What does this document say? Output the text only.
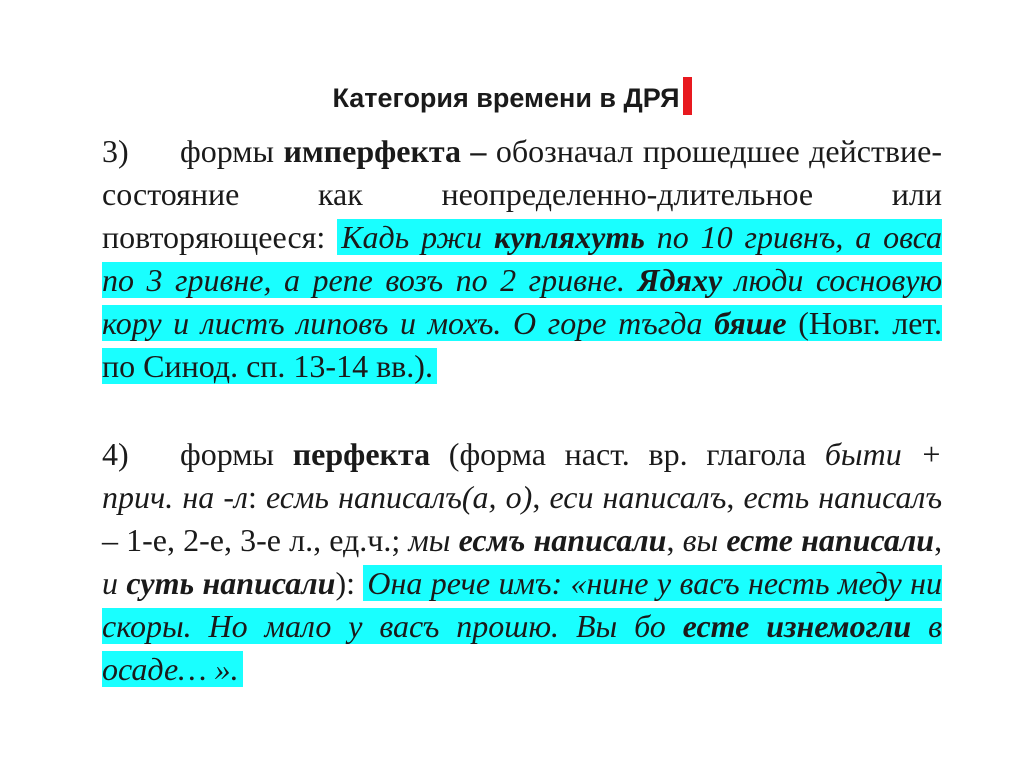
Категория времени в ДРЯ

3) формы имперфекта – обозначал прошедшее действие-состояние как неопределенно-длительное или повторяющееся: Кадь ржи купляхуть по 10 гривнъ, а овса по 3 гривне, а репе возъ по 2 гривне. Ядяху люди сосновую кору и листъ липовъ и мохъ. О горе тъгда бяше (Новг. лет. по Синод. сп. 13-14 вв.).

4) формы перфекта (форма наст. вр. глагола быти + прич. на -л: есмь написалъ(а, о), еси написалъ, есть написалъ – 1-е, 2-е, 3-е л., ед.ч.; мы есмъ написали, вы есте написали, и суть написали): Она рече имъ: «нине у васъ несть меду ни скоры. Но мало у васъ прошю. Вы бо есте изнемогли в осаде… ».
